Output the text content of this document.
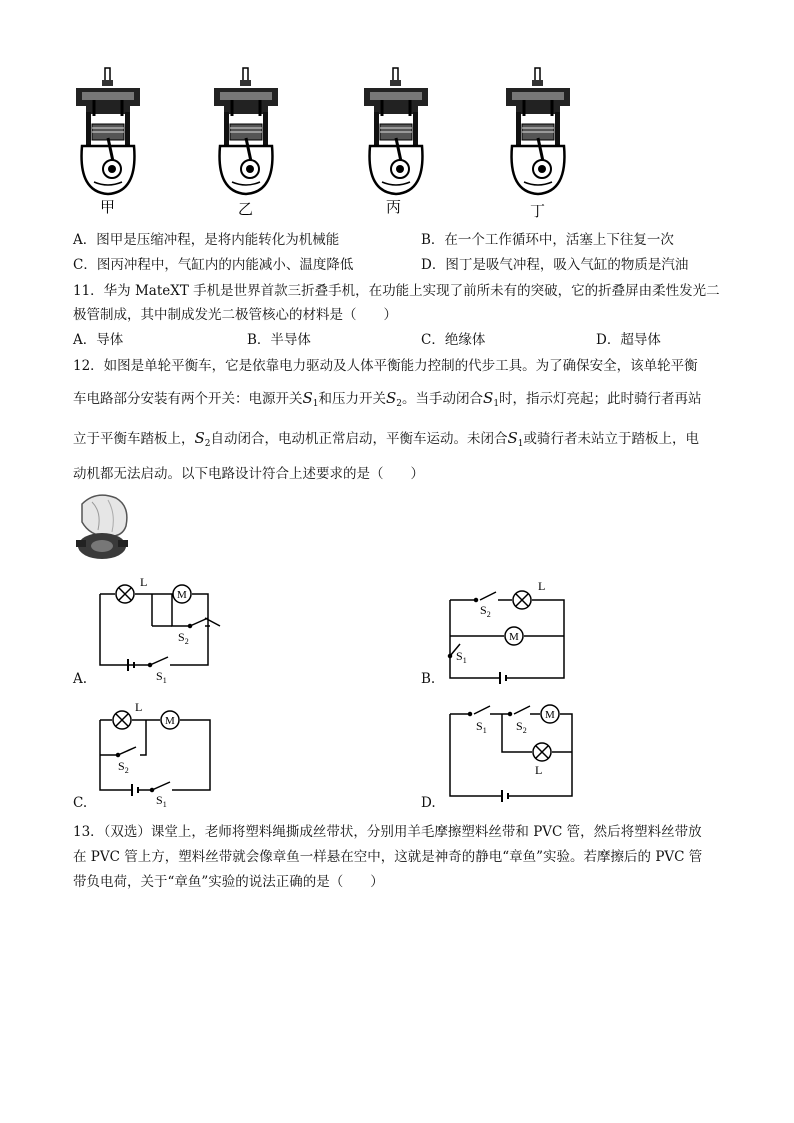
甲	乙	丙	丁
A．图甲是压缩冲程，是将内能转化为机械能	B．在一个工作循环中，活塞上下往复一次
C．图丙冲程中，气缸内的内能减小、温度降低	D．图丁是吸气冲程，吸入气缸的物质是汽油
11．华为 MateXT 手机是世界首款三折叠手机，在功能上实现了前所未有的突破，它的折叠屏由柔性发光二
极管制成，其中制成发光二极管核心的材料是（　　）
A．导体	B．半导体	C．绝缘体	D．超导体
12．如图是单轮平衡车，它是依靠电力驱动及人体平衡能力控制的代步工具。为了确保安全，该单轮平衡
车电路部分安装有两个开关：电源开关$S_1$和压力开关$S_2$。当手动闭合$S_1$时，指示灯亮起；此时骑行者再站
立于平衡车踏板上，$S_2$自动闭合，电动机正常启动，平衡车运动。未闭合$S_1$或骑行者未站立于踏板上，电
动机都无法启动。以下电路设计符合上述要求的是（　　）
L
M
$S_2$
$S_1$
$S_2$
L
M
$S_1$
L
M
$S_2$
$S_1$
$S_1$ $S_2$
M
L
A.	B.
C.	D.
13．（双选）课堂上，老师将塑料绳撕成丝带状，分别用羊毛摩擦塑料丝带和 PVC 管，然后将塑料丝带放
在 PVC 管上方，塑料丝带就会像章鱼一样悬在空中，这就是神奇的静电“章鱼”实验。若摩擦后的 PVC 管
带负电荷，关于“章鱼”实验的说法正确的是（　　）
